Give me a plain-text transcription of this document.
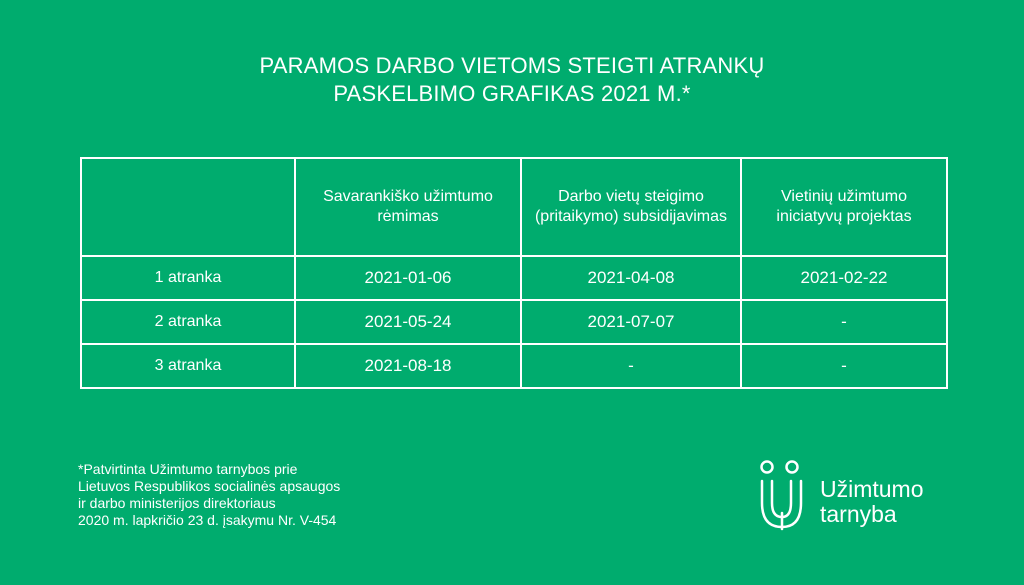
PARAMOS DARBO VIETOMS STEIGTI ATRANKŲ
PASKELBIMO GRAFIKAS 2021 M.*
	Savarankiško užimtumo rėmimas	Darbo vietų steigimo (pritaikymo) subsidijavimas	Vietinių užimtumo iniciatyvų projektas
1 atranka	2021-01-06	2021-04-08	2021-02-22
2 atranka	2021-05-24	2021-07-07	-
3 atranka	2021-08-18	-	-
*Patvirtinta Užimtumo tarnybos prie
Lietuvos Respublikos socialinės apsaugos
ir darbo ministerijos direktoriaus
2020 m. lapkričio 23 d. įsakymu Nr. V-454
Užimtumo
tarnyba
